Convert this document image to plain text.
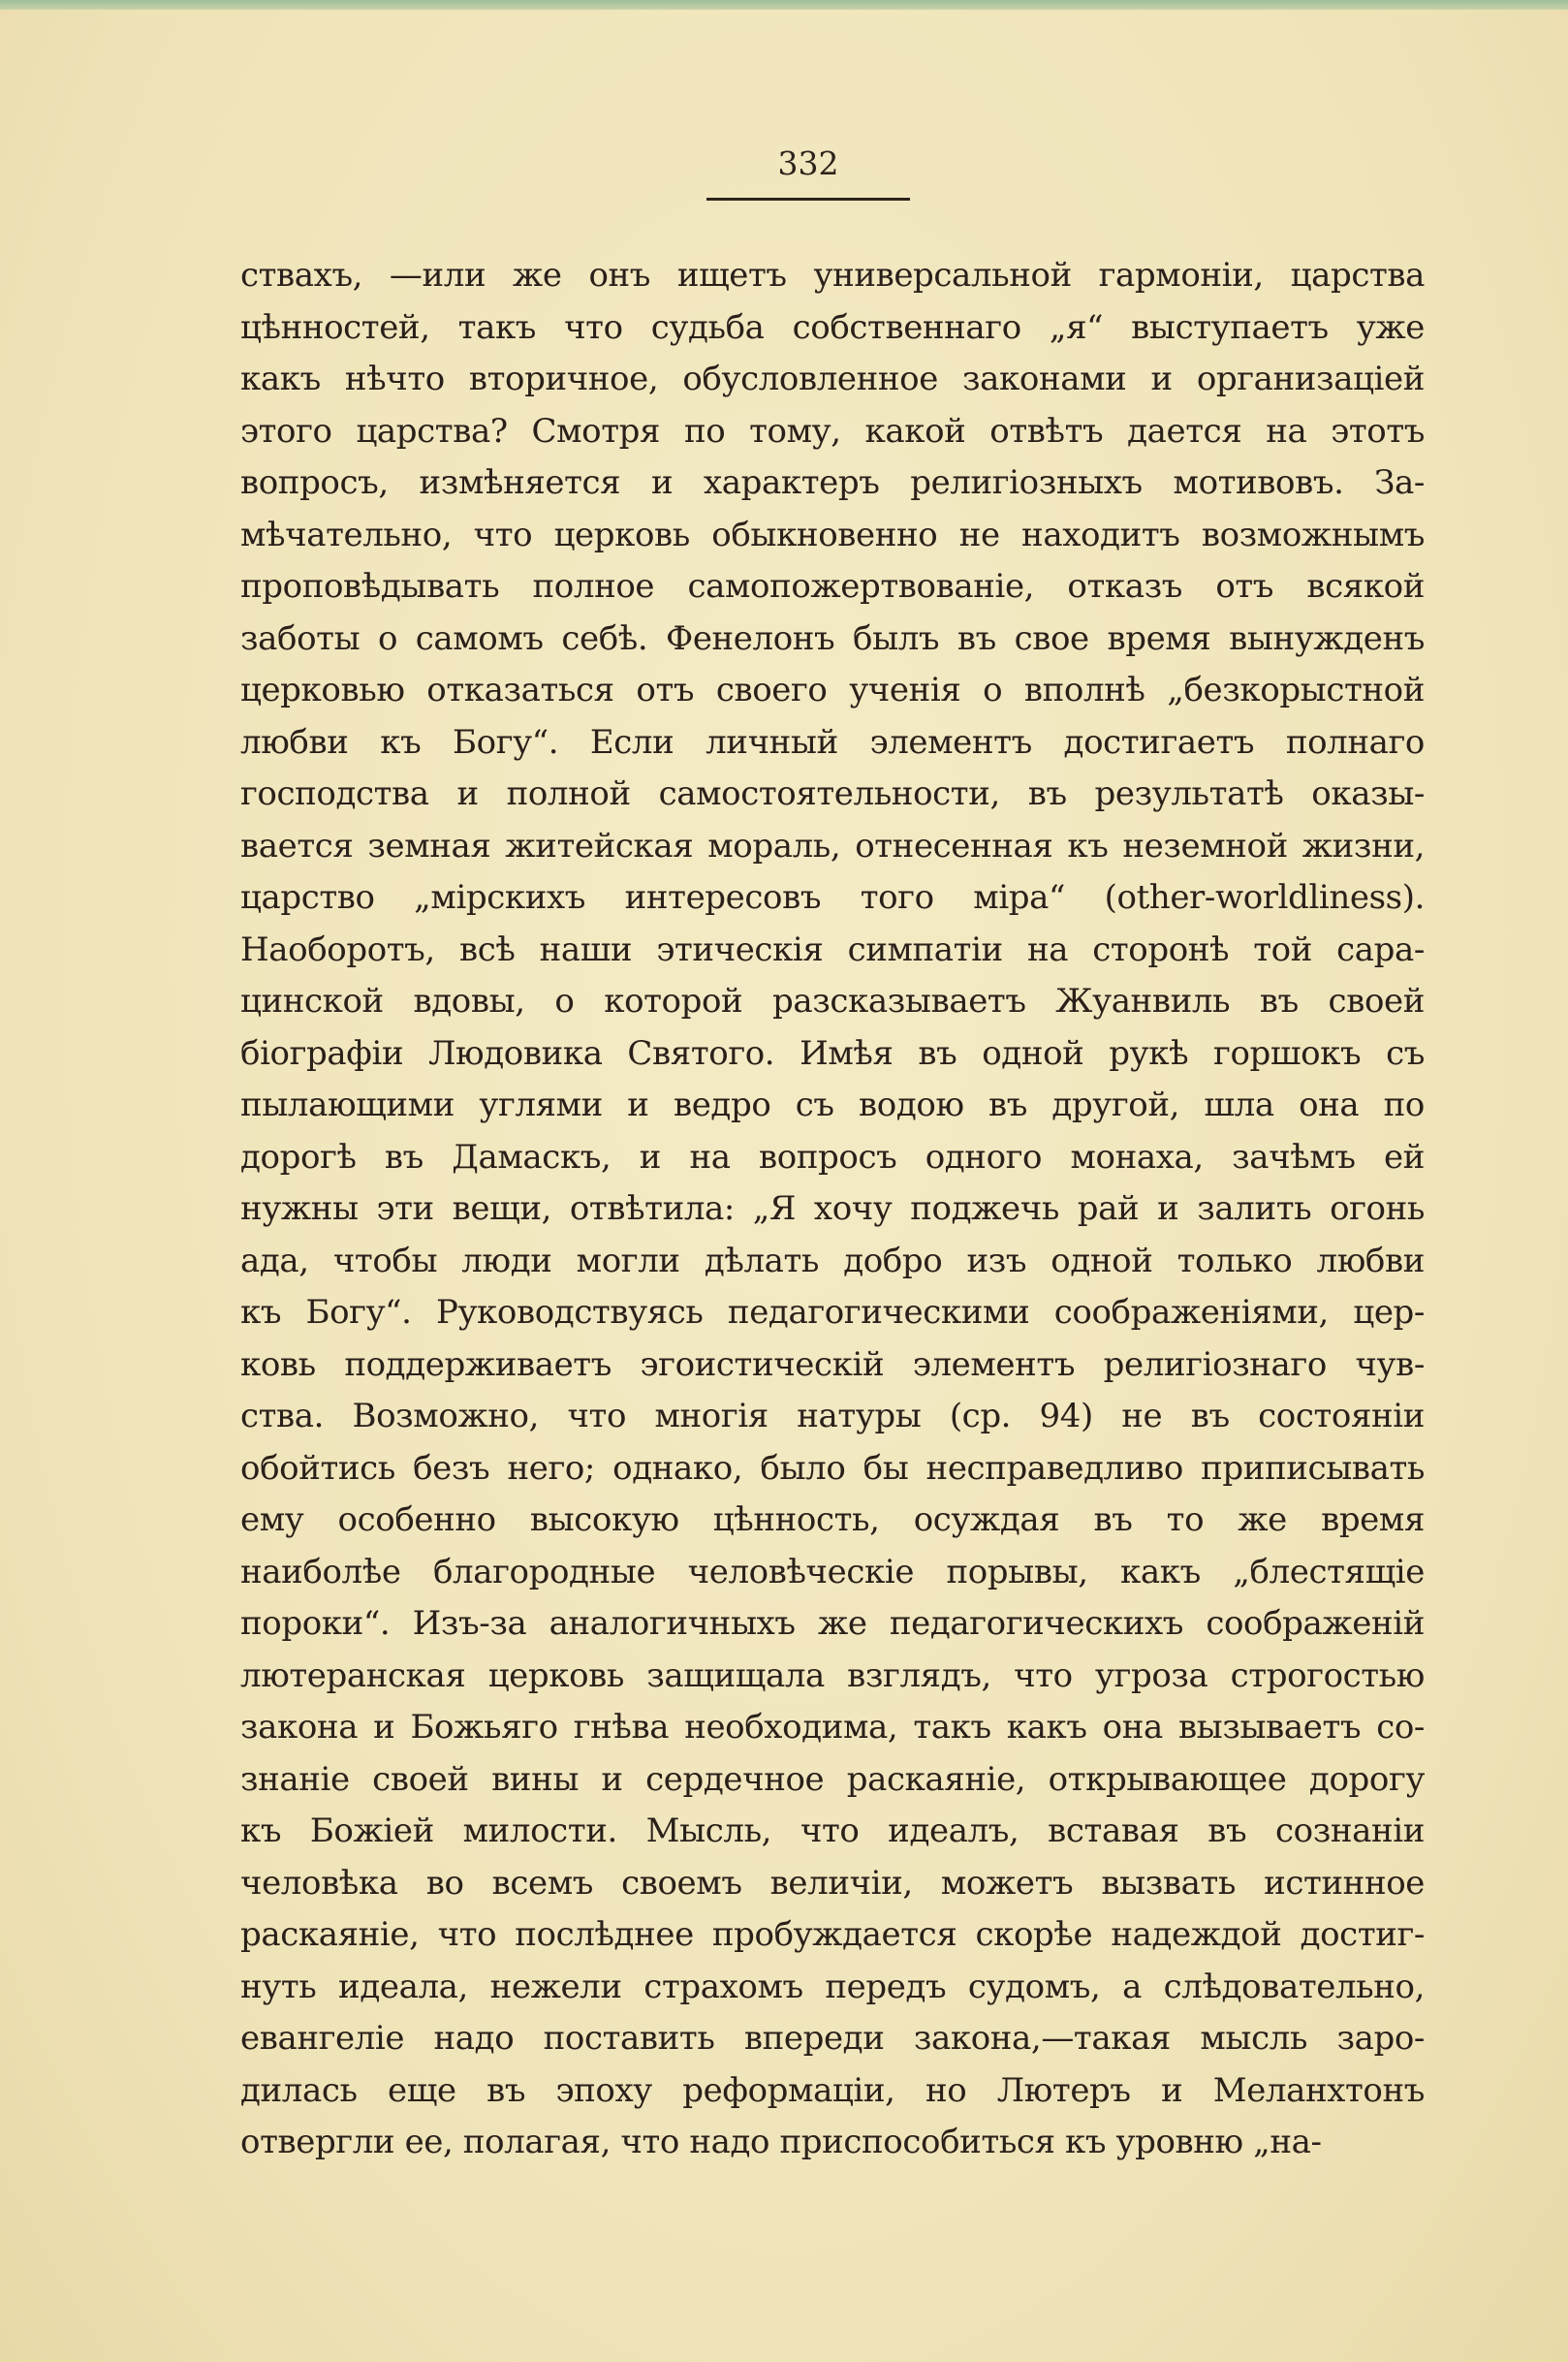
332
ствахъ, —или же онъ ищетъ универсальной гармоніи, царства
цѣнностей, такъ что судьба собственнаго „я“ выступаетъ уже
какъ нѣчто вторичное, обусловленное законами и организаціей
этого царства? Смотря по тому, какой отвѣтъ дается на этотъ
вопросъ, измѣняется и характеръ религіозныхъ мотивовъ. За-
мѣчательно, что церковь обыкновенно не находитъ возможнымъ
проповѣдывать полное самопожертвованіе, отказъ отъ всякой
заботы о самомъ себѣ. Фенелонъ былъ въ свое время вынужденъ
церковью отказаться отъ своего ученія о вполнѣ „безкорыстной
любви къ Богу“. Если личный элементъ достигаетъ полнаго
господства и полной самостоятельности, въ результатѣ оказы-
вается земная житейская мораль, отнесенная къ неземной жизни,
царство „мірскихъ интересовъ того міра“ (other-worldliness).
Наоборотъ, всѣ наши этическія симпатіи на сторонѣ той сара-
цинской вдовы, о которой разсказываетъ Жуанвиль въ своей
біографіи Людовика Святого. Имѣя въ одной рукѣ горшокъ съ
пылающими углями и ведро съ водою въ другой, шла она по
дорогѣ въ Дамаскъ, и на вопросъ одного монаха, зачѣмъ ей
нужны эти вещи, отвѣтила: „Я хочу поджечь рай и залить огонь
ада, чтобы люди могли дѣлать добро изъ одной только любви
къ Богу“. Руководствуясь педагогическими соображеніями, цер-
ковь поддерживаетъ эгоистическій элементъ религіознаго чув-
ства. Возможно, что многія натуры (ср. 94) не въ состояніи
обойтись безъ него; однако, было бы несправедливо приписывать
ему особенно высокую цѣнность, осуждая въ то же время
наиболѣе благородные человѣческіе порывы, какъ „блестящіе
пороки“. Изъ-за аналогичныхъ же педагогическихъ соображеній
лютеранская церковь защищала взглядъ, что угроза строгостью
закона и Божьяго гнѣва необходима, такъ какъ она вызываетъ со-
знаніе своей вины и сердечное раскаяніе, открывающее дорогу
къ Божіей милости. Мысль, что идеалъ, вставая въ сознаніи
человѣка во всемъ своемъ величіи, можетъ вызвать истинное
раскаяніе, что послѣднее пробуждается скорѣе надеждой достиг-
нуть идеала, нежели страхомъ передъ судомъ, а слѣдовательно,
евангеліе надо поставить впереди закона,—такая мысль заро-
дилась еще въ эпоху реформаціи, но Лютеръ и Меланхтонъ
отвергли ее, полагая, что надо приспособиться къ уровню „на-
